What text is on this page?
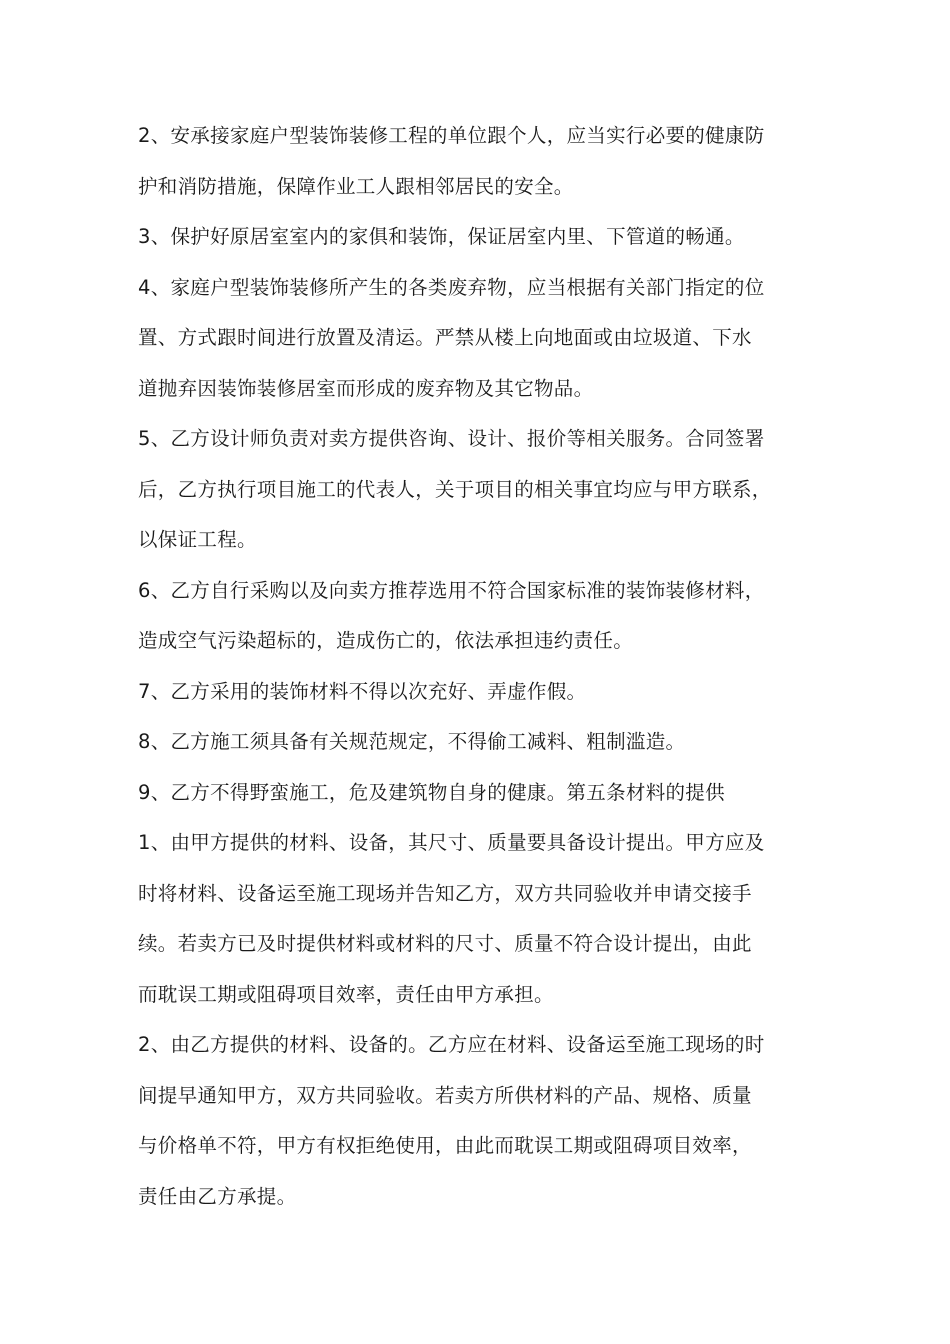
2、安承接家庭户型装饰装修工程的单位跟个人，应当实行必要的健康防
护和消防措施，保障作业工人跟相邻居民的安全。

3、保护好原居室室内的家俱和装饰，保证居室内里、下管道的畅通。

4、家庭户型装饰装修所产生的各类废弃物，应当根据有关部门指定的位
置、方式跟时间进行放置及清运。严禁从楼上向地面或由垃圾道、下水
道抛弃因装饰装修居室而形成的废弃物及其它物品。

5、乙方设计师负责对卖方提供咨询、设计、报价等相关服务。合同签署
后，乙方执行项目施工的代表人，关于项目的相关事宜均应与甲方联系，
以保证工程。

6、乙方自行采购以及向卖方推荐选用不符合国家标准的装饰装修材料，
造成空气污染超标的，造成伤亡的，依法承担违约责任。

7、乙方采用的装饰材料不得以次充好、弄虚作假。

8、乙方施工须具备有关规范规定，不得偷工减料、粗制滥造。

9、乙方不得野蛮施工，危及建筑物自身的健康。第五条材料的提供

1、由甲方提供的材料、设备，其尺寸、质量要具备设计提出。甲方应及
时将材料、设备运至施工现场并告知乙方，双方共同验收并申请交接手
续。若卖方已及时提供材料或材料的尺寸、质量不符合设计提出，由此
而耽误工期或阻碍项目效率，责任由甲方承担。

2、由乙方提供的材料、设备的。乙方应在材料、设备运至施工现场的时
间提早通知甲方，双方共同验收。若卖方所供材料的产品、规格、质量
与价格单不符，甲方有权拒绝使用，由此而耽误工期或阻碍项目效率，
责任由乙方承提。
